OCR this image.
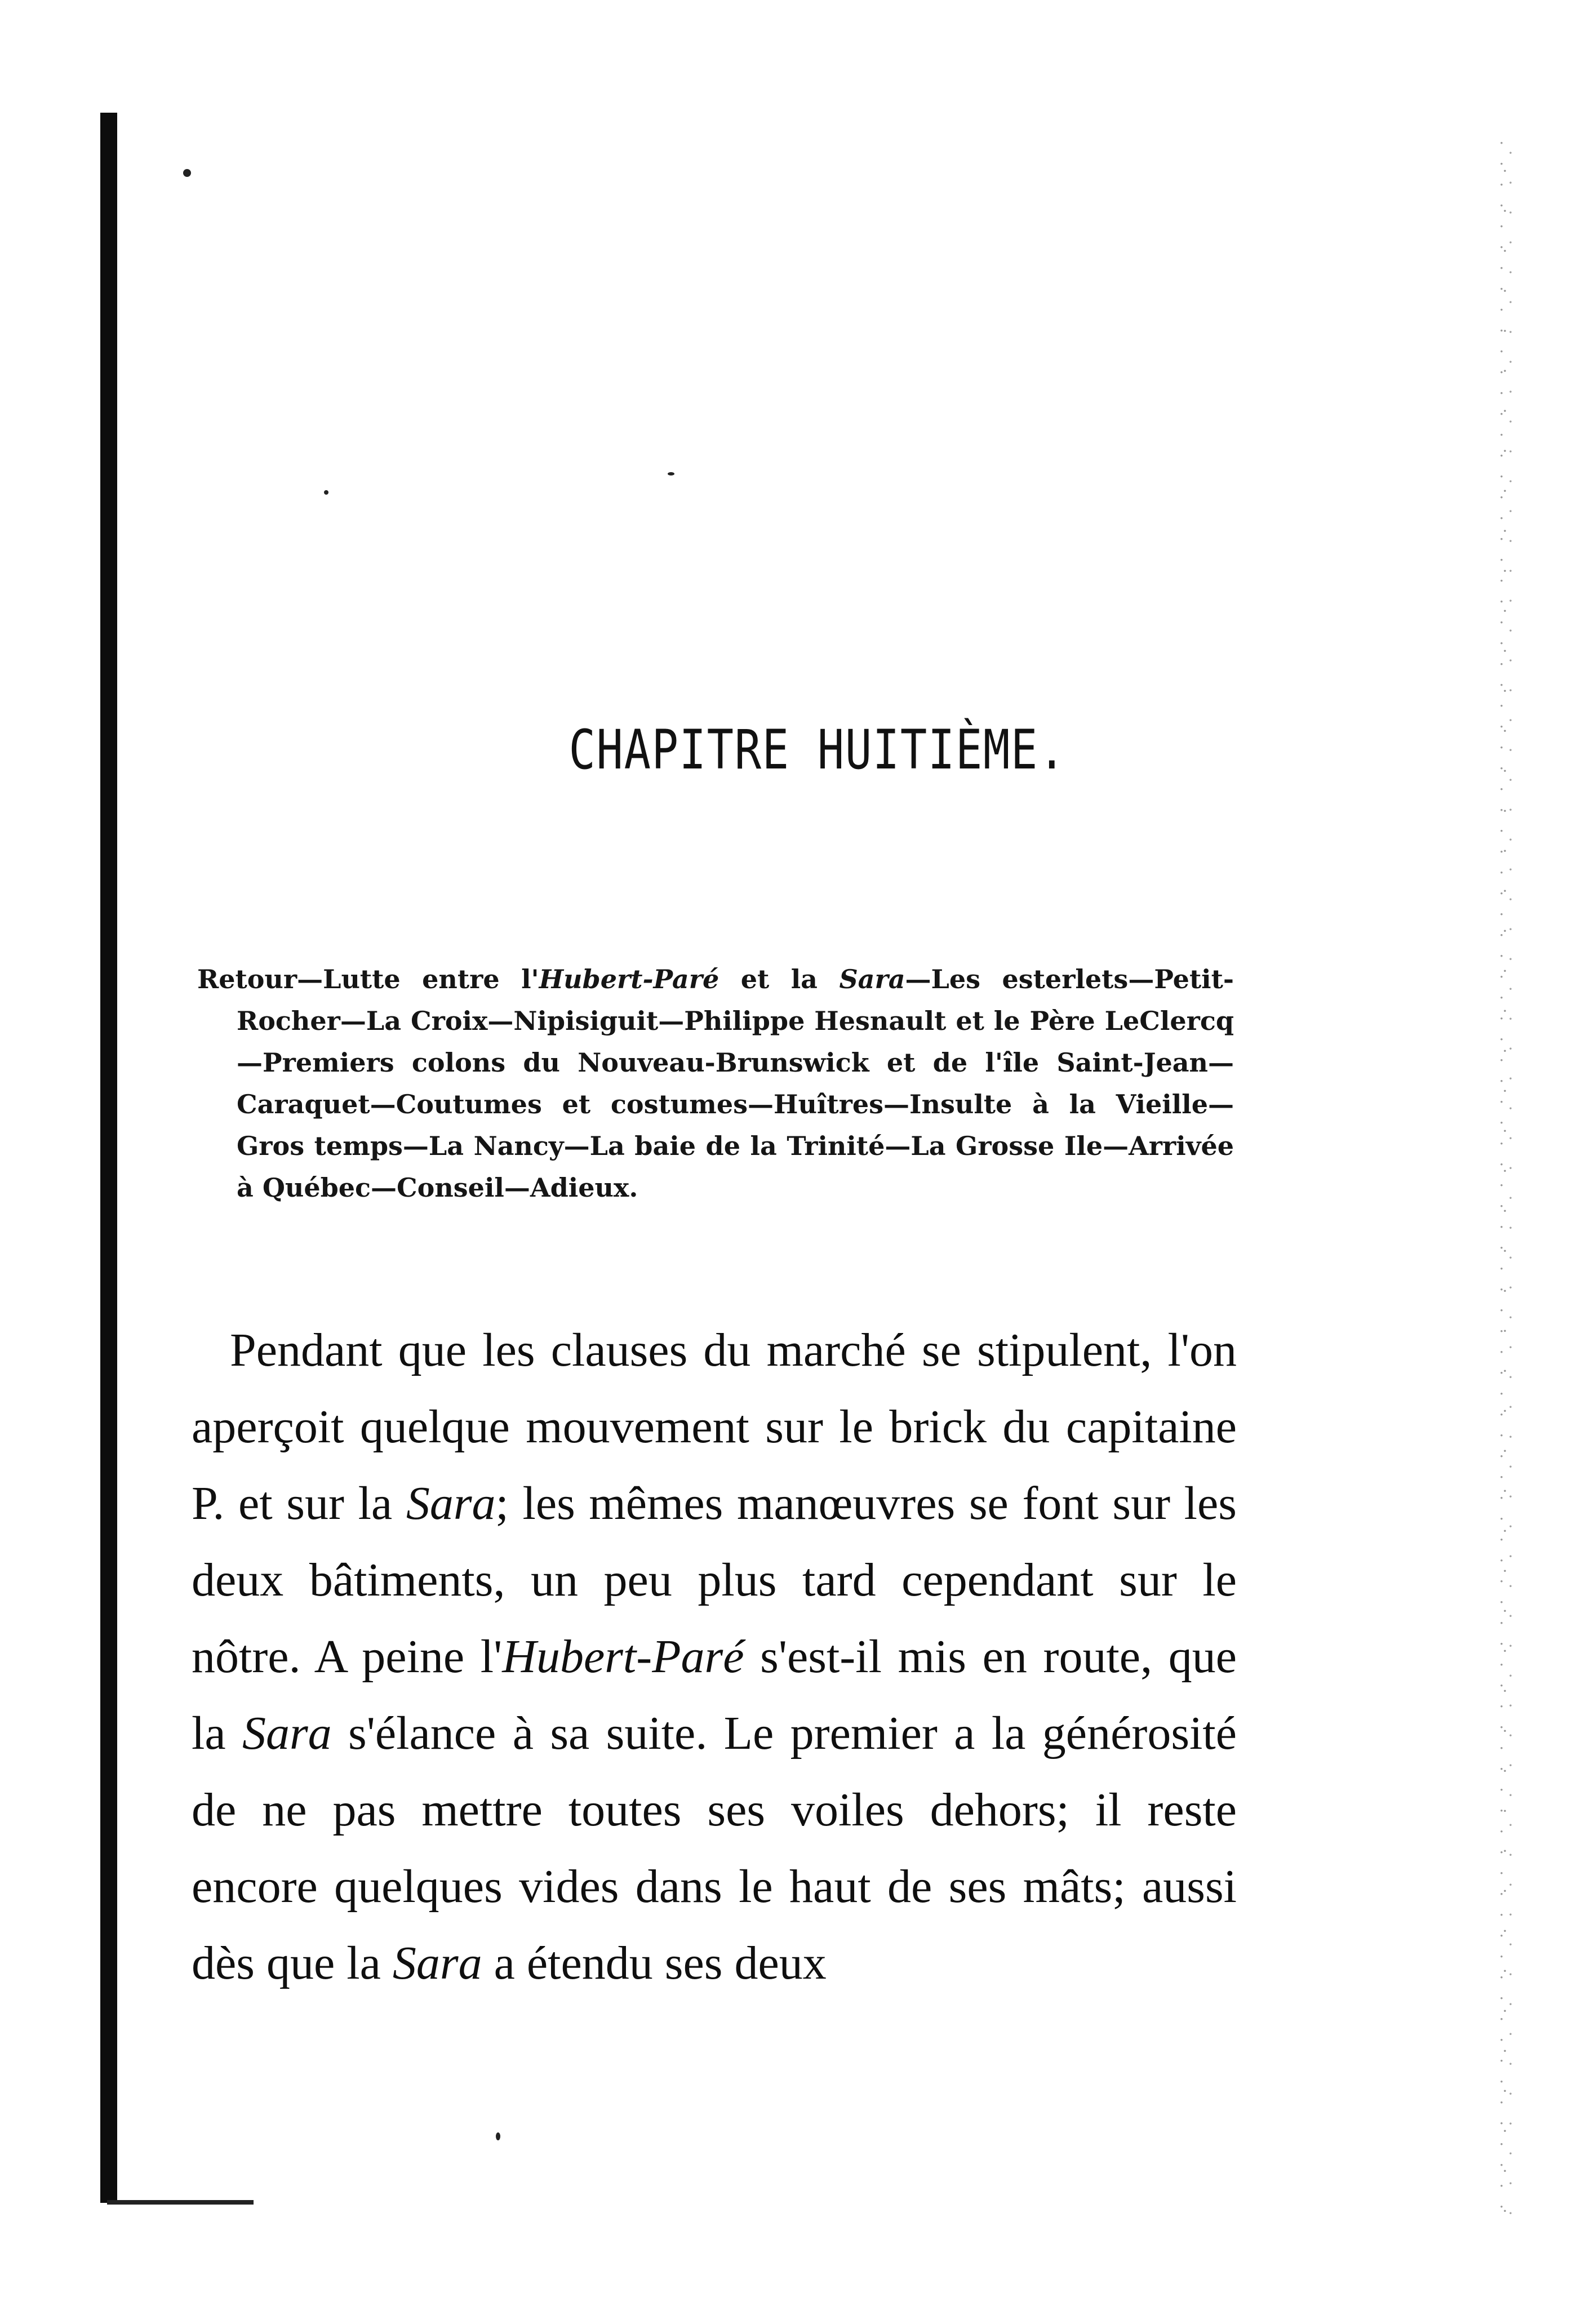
CHAPITRE HUITIÈME.

Retour—Lutte entre l'Hubert-Paré et la Sara—Les esterlets—Petit-Rocher—La Croix—Nipisiguit—Philippe Hesnault et le Père LeClercq—Premiers colons du Nouveau-Brunswick et de l'île Saint-Jean—Caraquet—Coutumes et costumes—Huîtres—Insulte à la Vieille—Gros temps—La Nancy—La baie de la Trinité—La Grosse Ile—Arrivée à Québec—Conseil—Adieux.

Pendant que les clauses du marché se stipulent, l'on aperçoit quelque mouvement sur le brick du capitaine P. et sur la Sara; les mêmes manœuvres se font sur les deux bâtiments, un peu plus tard cependant sur le nôtre. A peine l'Hubert-Paré s'est-il mis en route, que la Sara s'élance à sa suite. Le premier a la générosité de ne pas mettre toutes ses voiles dehors; il reste encore quelques vides dans le haut de ses mâts; aussi dès que la Sara a étendu ses deux
